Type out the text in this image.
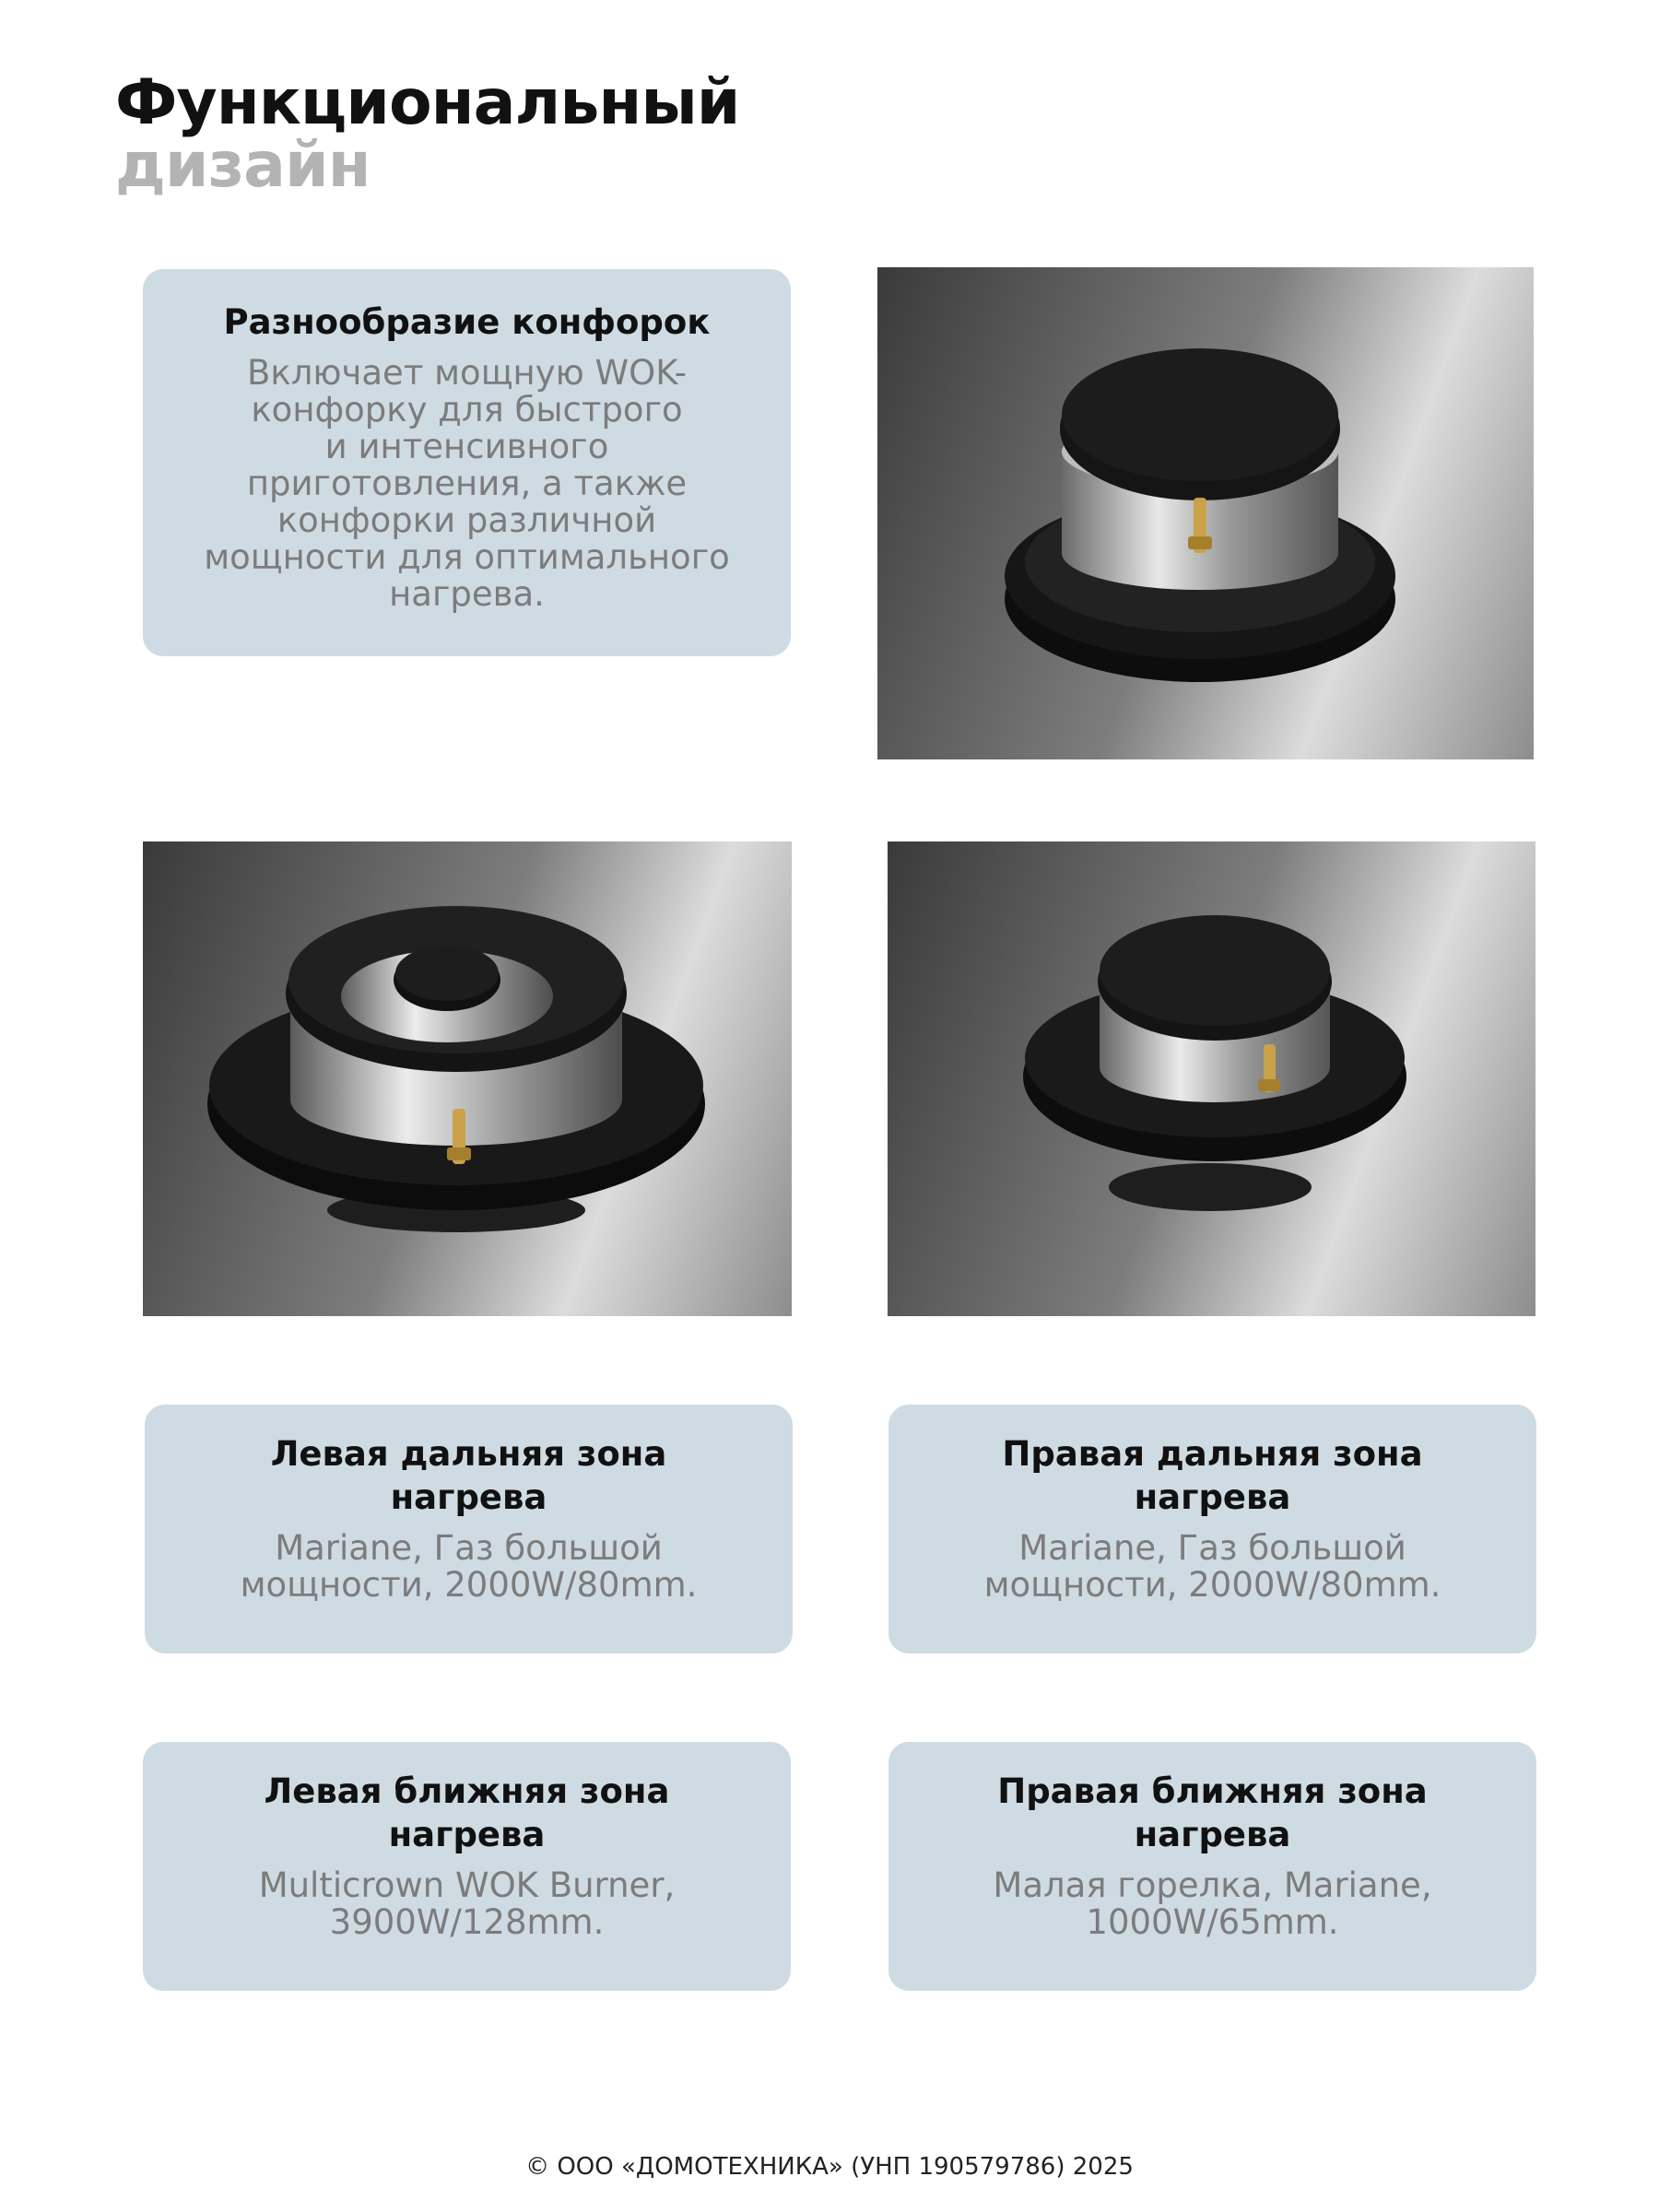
Функциональный
дизайн
Разнообразие конфорок

Включает мощную WOK-
конфорку для быстрого
и интенсивного
приготовления, а также
конфорки различной
мощности для оптимального
нагрева.

Левая дальняя зона
нагрева

Mariane, Газ большой
мощности, 2000W/80mm.

Правая дальняя зона
нагрева

Mariane, Газ большой
мощности, 2000W/80mm.

Левая ближняя зона
нагрева

Multicrown WOK Burner,
3900W/128mm.

Правая ближняя зона
нагрева

Малая горелка, Mariane,
1000W/65mm.

© ООО «ДОМОТЕХНИКА» (УНП 190579786) 2025
